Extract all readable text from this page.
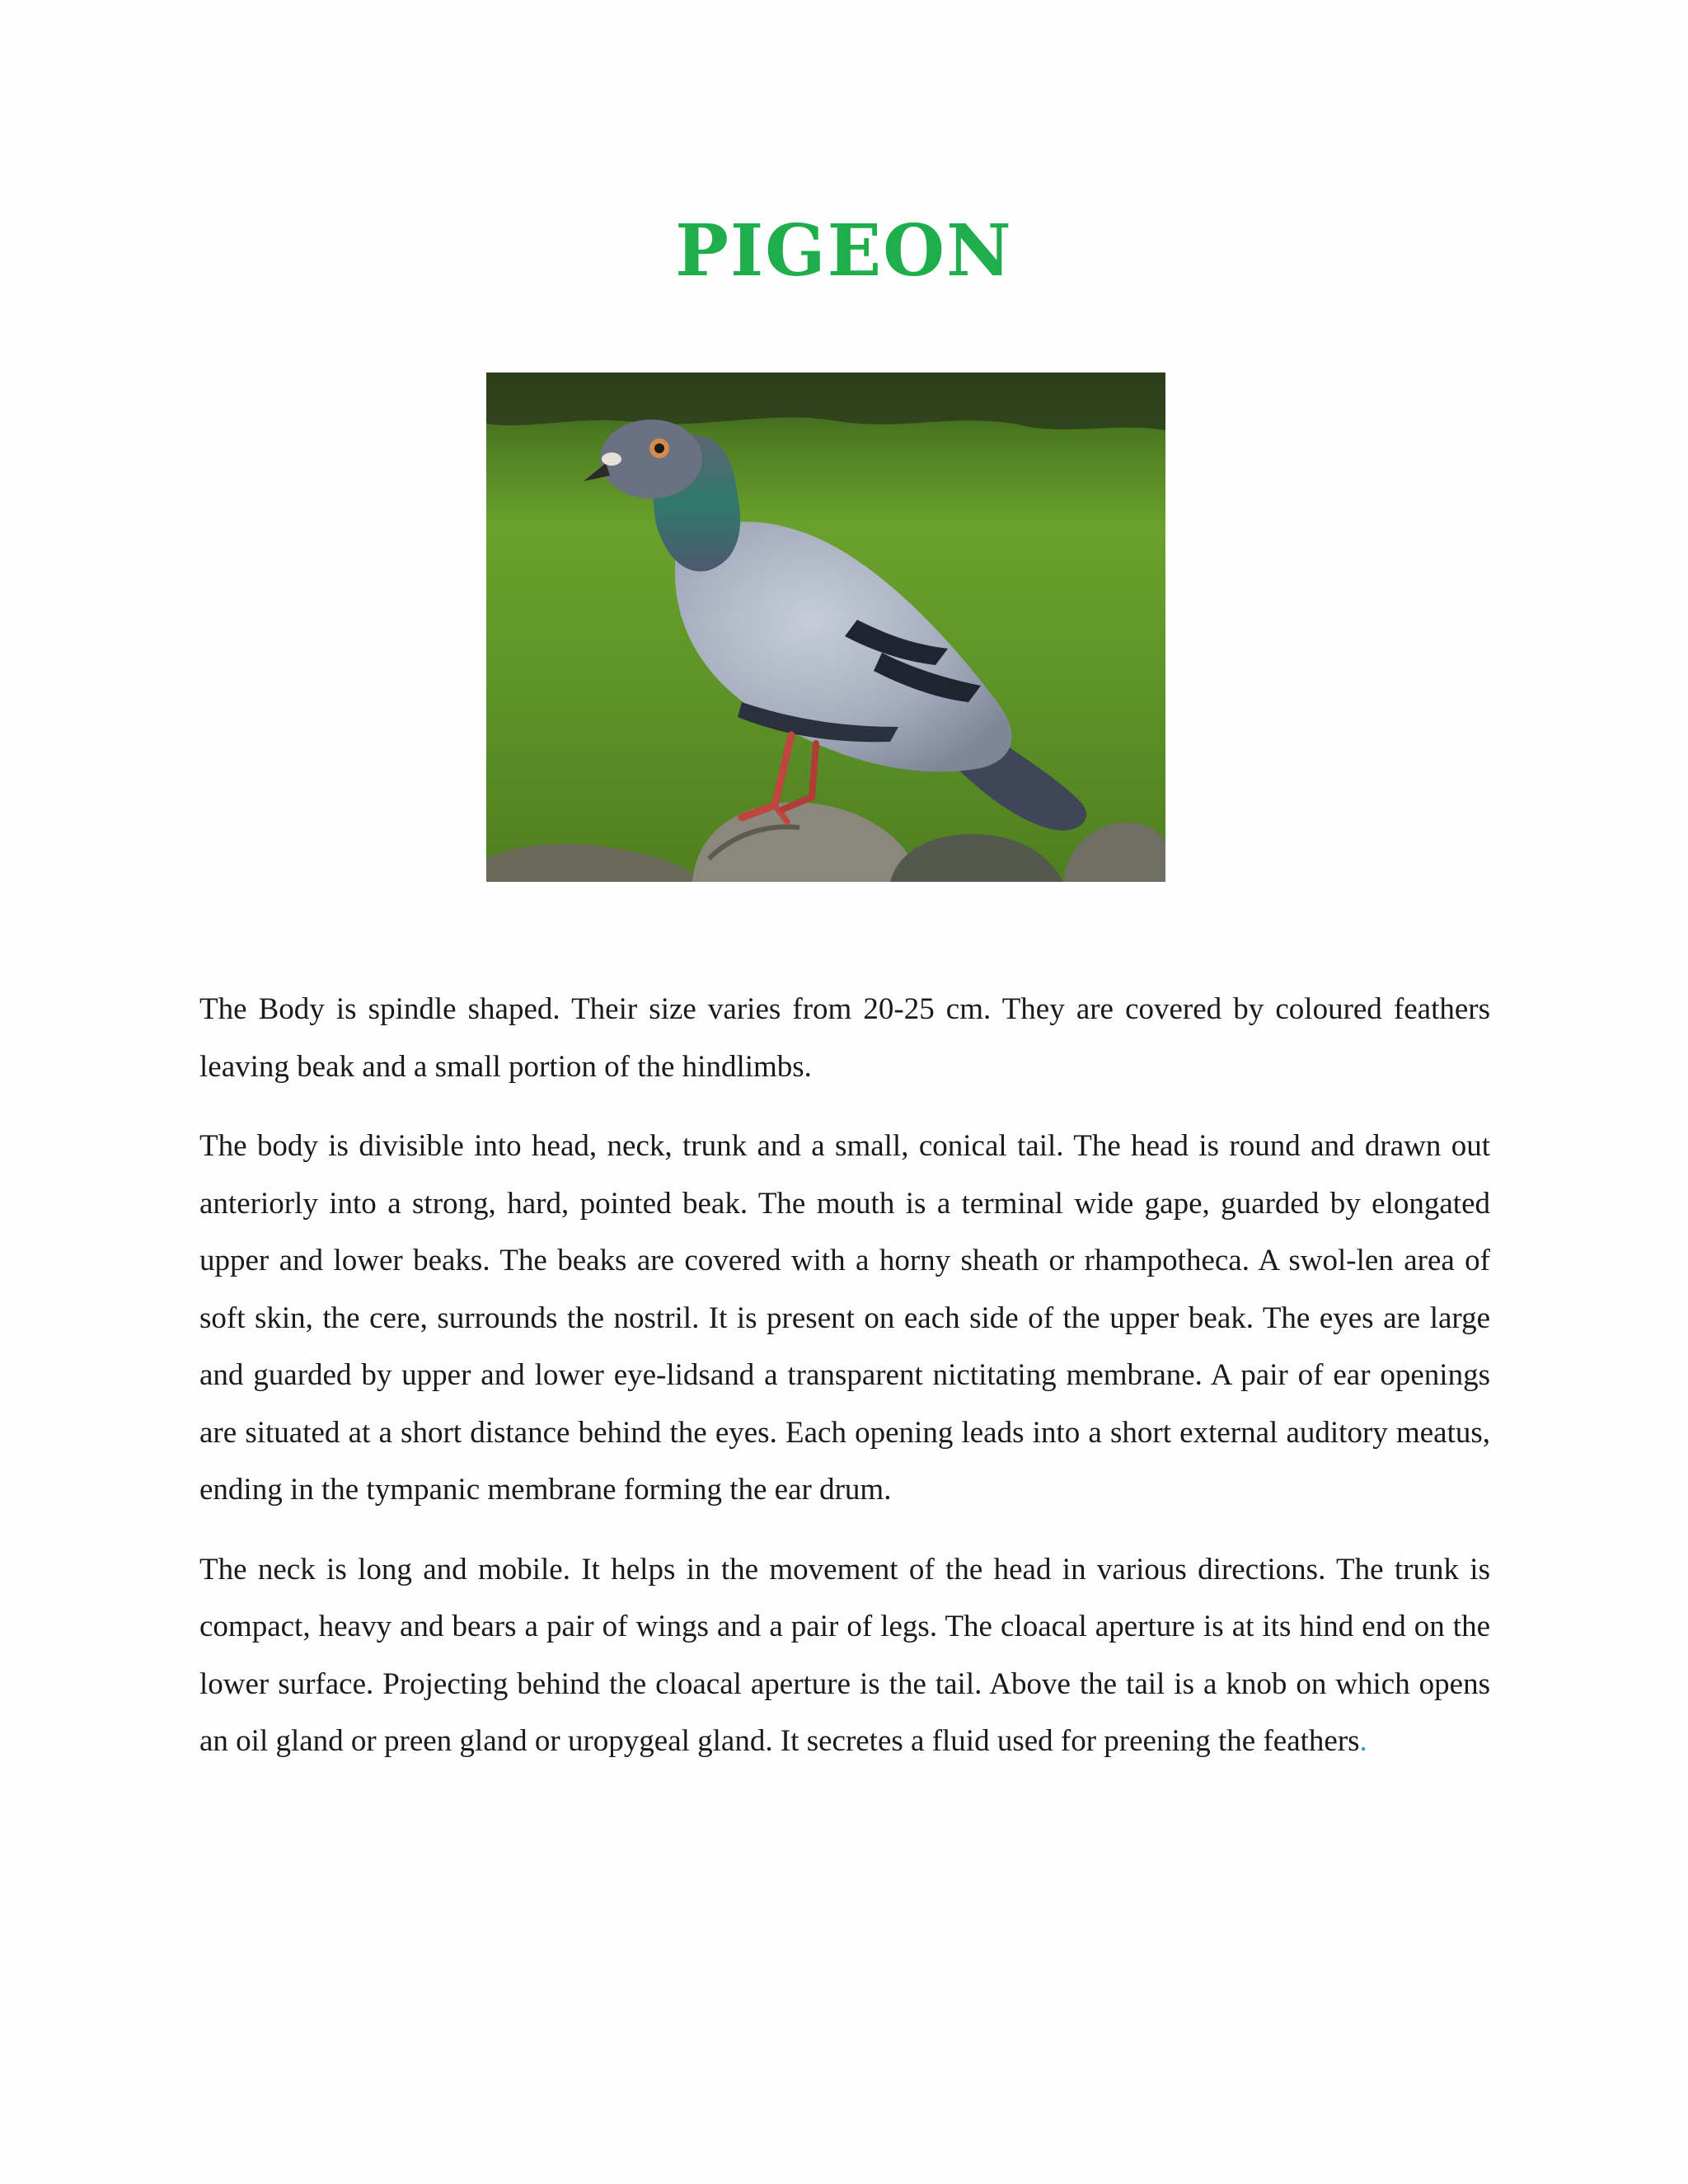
PIGEON

The Body is spindle shaped. Their size varies from 20-25 cm. They are covered by coloured feathers leaving beak and a small portion of the hindlimbs.

The body is divisible into head, neck, trunk and a small, conical tail. The head is round and drawn out anteriorly into a strong, hard, pointed beak. The mouth is a terminal wide gape, guarded by elongated upper and lower beaks. The beaks are covered with a horny sheath or rhampotheca. A swol-len area of soft skin, the cere, surrounds the nostril. It is present on each side of the upper beak. The eyes are large and guarded by upper and lower eye-lidsand a transparent nictitating membrane. A pair of ear openings are situated at a short distance behind the eyes. Each opening leads into a short external auditory meatus, ending in the tympanic membrane forming the ear drum.

The neck is long and mobile. It helps in the movement of the head in various directions. The trunk is compact, heavy and bears a pair of wings and a pair of legs. The cloacal aperture is at its hind end on the lower surface. Projecting behind the cloacal aperture is the tail. Above the tail is a knob on which opens an oil gland or preen gland or uropygeal gland. It secretes a fluid used for preening the feathers.
